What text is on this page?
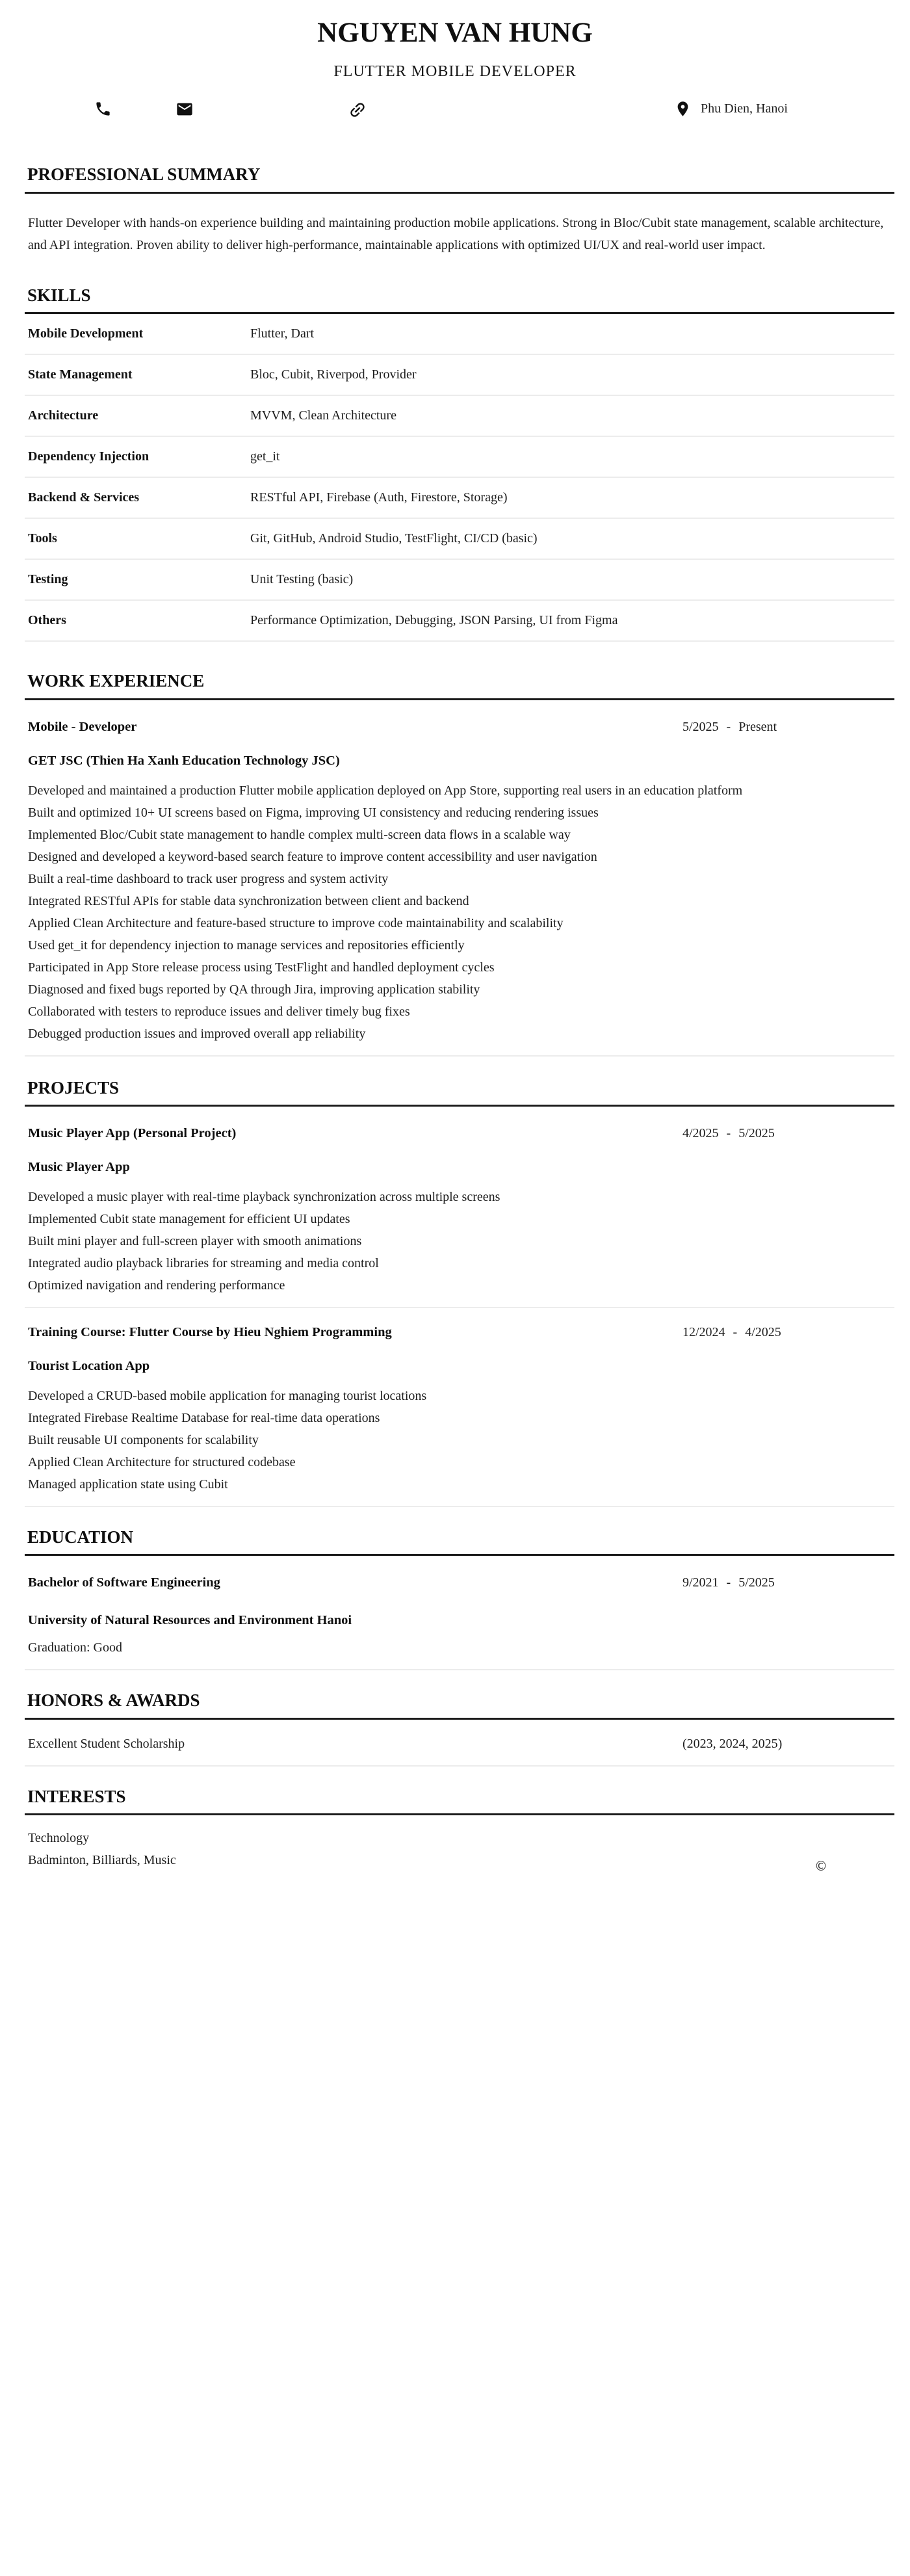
NGUYEN VAN HUNG
FLUTTER MOBILE DEVELOPER
Phu Dien, Hanoi
PROFESSIONAL SUMMARY

Flutter Developer with hands-on experience building and maintaining production mobile applications. Strong in Bloc/Cubit state management, scalable architecture, and API integration. Proven ability to deliver high-performance, maintainable applications with optimized UI/UX and real-world user impact.

SKILLS
Mobile Development	Flutter, Dart
State Management	Bloc, Cubit, Riverpod, Provider
Architecture	MVVM, Clean Architecture
Dependency Injection	get_it
Backend & Services	RESTful API, Firebase (Auth, Firestore, Storage)
Tools	Git, GitHub, Android Studio, TestFlight, CI/CD (basic)
Testing	Unit Testing (basic)
Others	Performance Optimization, Debugging, JSON Parsing, UI from Figma
WORK EXPERIENCE
Mobile - Developer	5/2025 - Present
GET JSC (Thien Ha Xanh Education Technology JSC)

Developed and maintained a production Flutter mobile application deployed on App Store, supporting real users in an education platform

Built and optimized 10+ UI screens based on Figma, improving UI consistency and reducing rendering issues

Implemented Bloc/Cubit state management to handle complex multi-screen data flows in a scalable way

Designed and developed a keyword-based search feature to improve content accessibility and user navigation

Built a real-time dashboard to track user progress and system activity

Integrated RESTful APIs for stable data synchronization between client and backend

Applied Clean Architecture and feature-based structure to improve code maintainability and scalability

Used get_it for dependency injection to manage services and repositories efficiently

Participated in App Store release process using TestFlight and handled deployment cycles

Diagnosed and fixed bugs reported by QA through Jira, improving application stability

Collaborated with testers to reproduce issues and deliver timely bug fixes

Debugged production issues and improved overall app reliability

PROJECTS
Music Player App (Personal Project)	4/2025 - 5/2025
Music Player App

Developed a music player with real-time playback synchronization across multiple screens

Implemented Cubit state management for efficient UI updates

Built mini player and full-screen player with smooth animations

Integrated audio playback libraries for streaming and media control

Optimized navigation and rendering performance

Training Course: Flutter Course by Hieu Nghiem Programming	12/2024 - 4/2025
Tourist Location App

Developed a CRUD-based mobile application for managing tourist locations

Integrated Firebase Realtime Database for real-time data operations

Built reusable UI components for scalability

Applied Clean Architecture for structured codebase

Managed application state using Cubit

EDUCATION
Bachelor of Software Engineering	9/2021 - 5/2025
University of Natural Resources and Environment Hanoi

Graduation: Good

HONORS & AWARDS
Excellent Student Scholarship	(2023, 2024, 2025)
INTERESTS

Technology

Badminton, Billiards, Music	©
